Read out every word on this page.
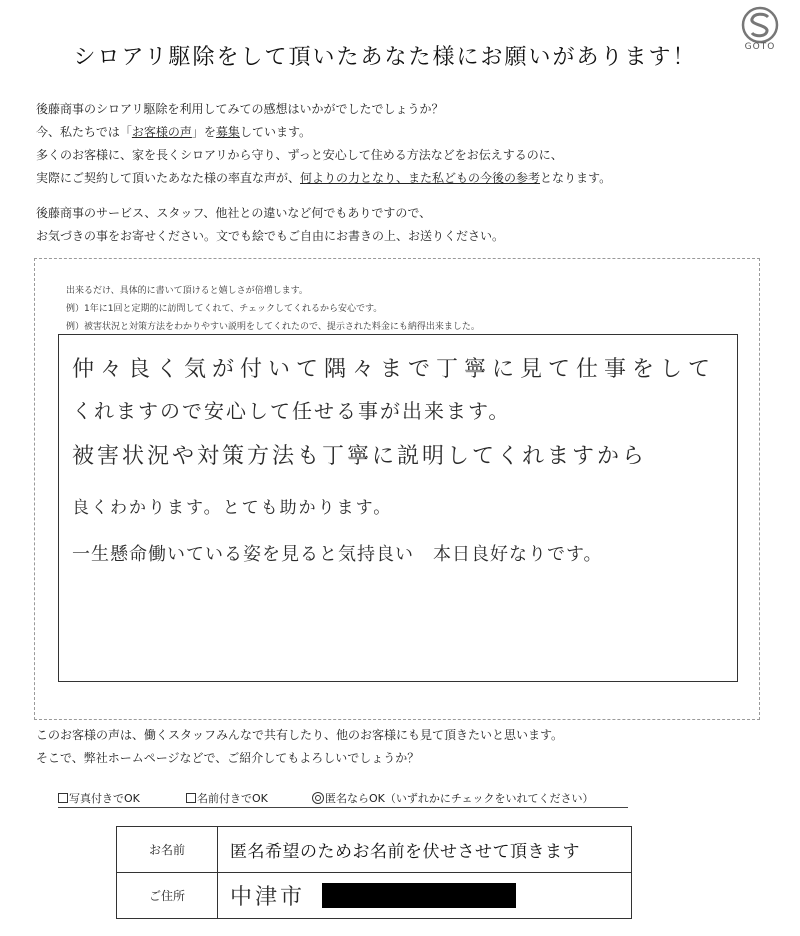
GOTO
シロアリ駆除をして頂いたあなた様にお願いがあります！

後藤商事のシロアリ駆除を利用してみての感想はいかがでしたでしょうか？

今、私たちでは「お客様の声」を募集しています。

多くのお客様に、家を長くシロアリから守り、ずっと安心して住める方法などをお伝えするのに、

実際にご契約して頂いたあなた様の率直な声が、何よりの力となり、また私どもの今後の参考となります。

後藤商事のサービス、スタッフ、他社との違いなど何でもありですので、

お気づきの事をお寄せください。文でも絵でもご自由にお書きの上、お送りください。

出来るだけ、具体的に書いて頂けると嬉しさが倍増します。

例）1年に1回と定期的に訪問してくれて、チェックしてくれるから安心です。

例）被害状況と対策方法をわかりやすい説明をしてくれたので、提示された料金にも納得出来ました。

仲々良く気が付いて隅々まで丁寧に見て仕事をして

くれますので安心して任せる事が出来ます。

被害状況や対策方法も丁寧に説明してくれますから

良くわかります。とても助かります。

一生懸命働いている姿を見ると気持良い　本日良好なりです。

このお客様の声は、働くスタッフみんなで共有したり、他のお客様にも見て頂きたいと思います。

そこで、弊社ホームページなどで、ご紹介してもよろしいでしょうか？

写真付きでOK	名前付きでOK	匿名ならOK（いずれかにチェックをいれてください）
お名前	匿名希望のためお名前を伏せさせて頂きます
ご住所	中津市
